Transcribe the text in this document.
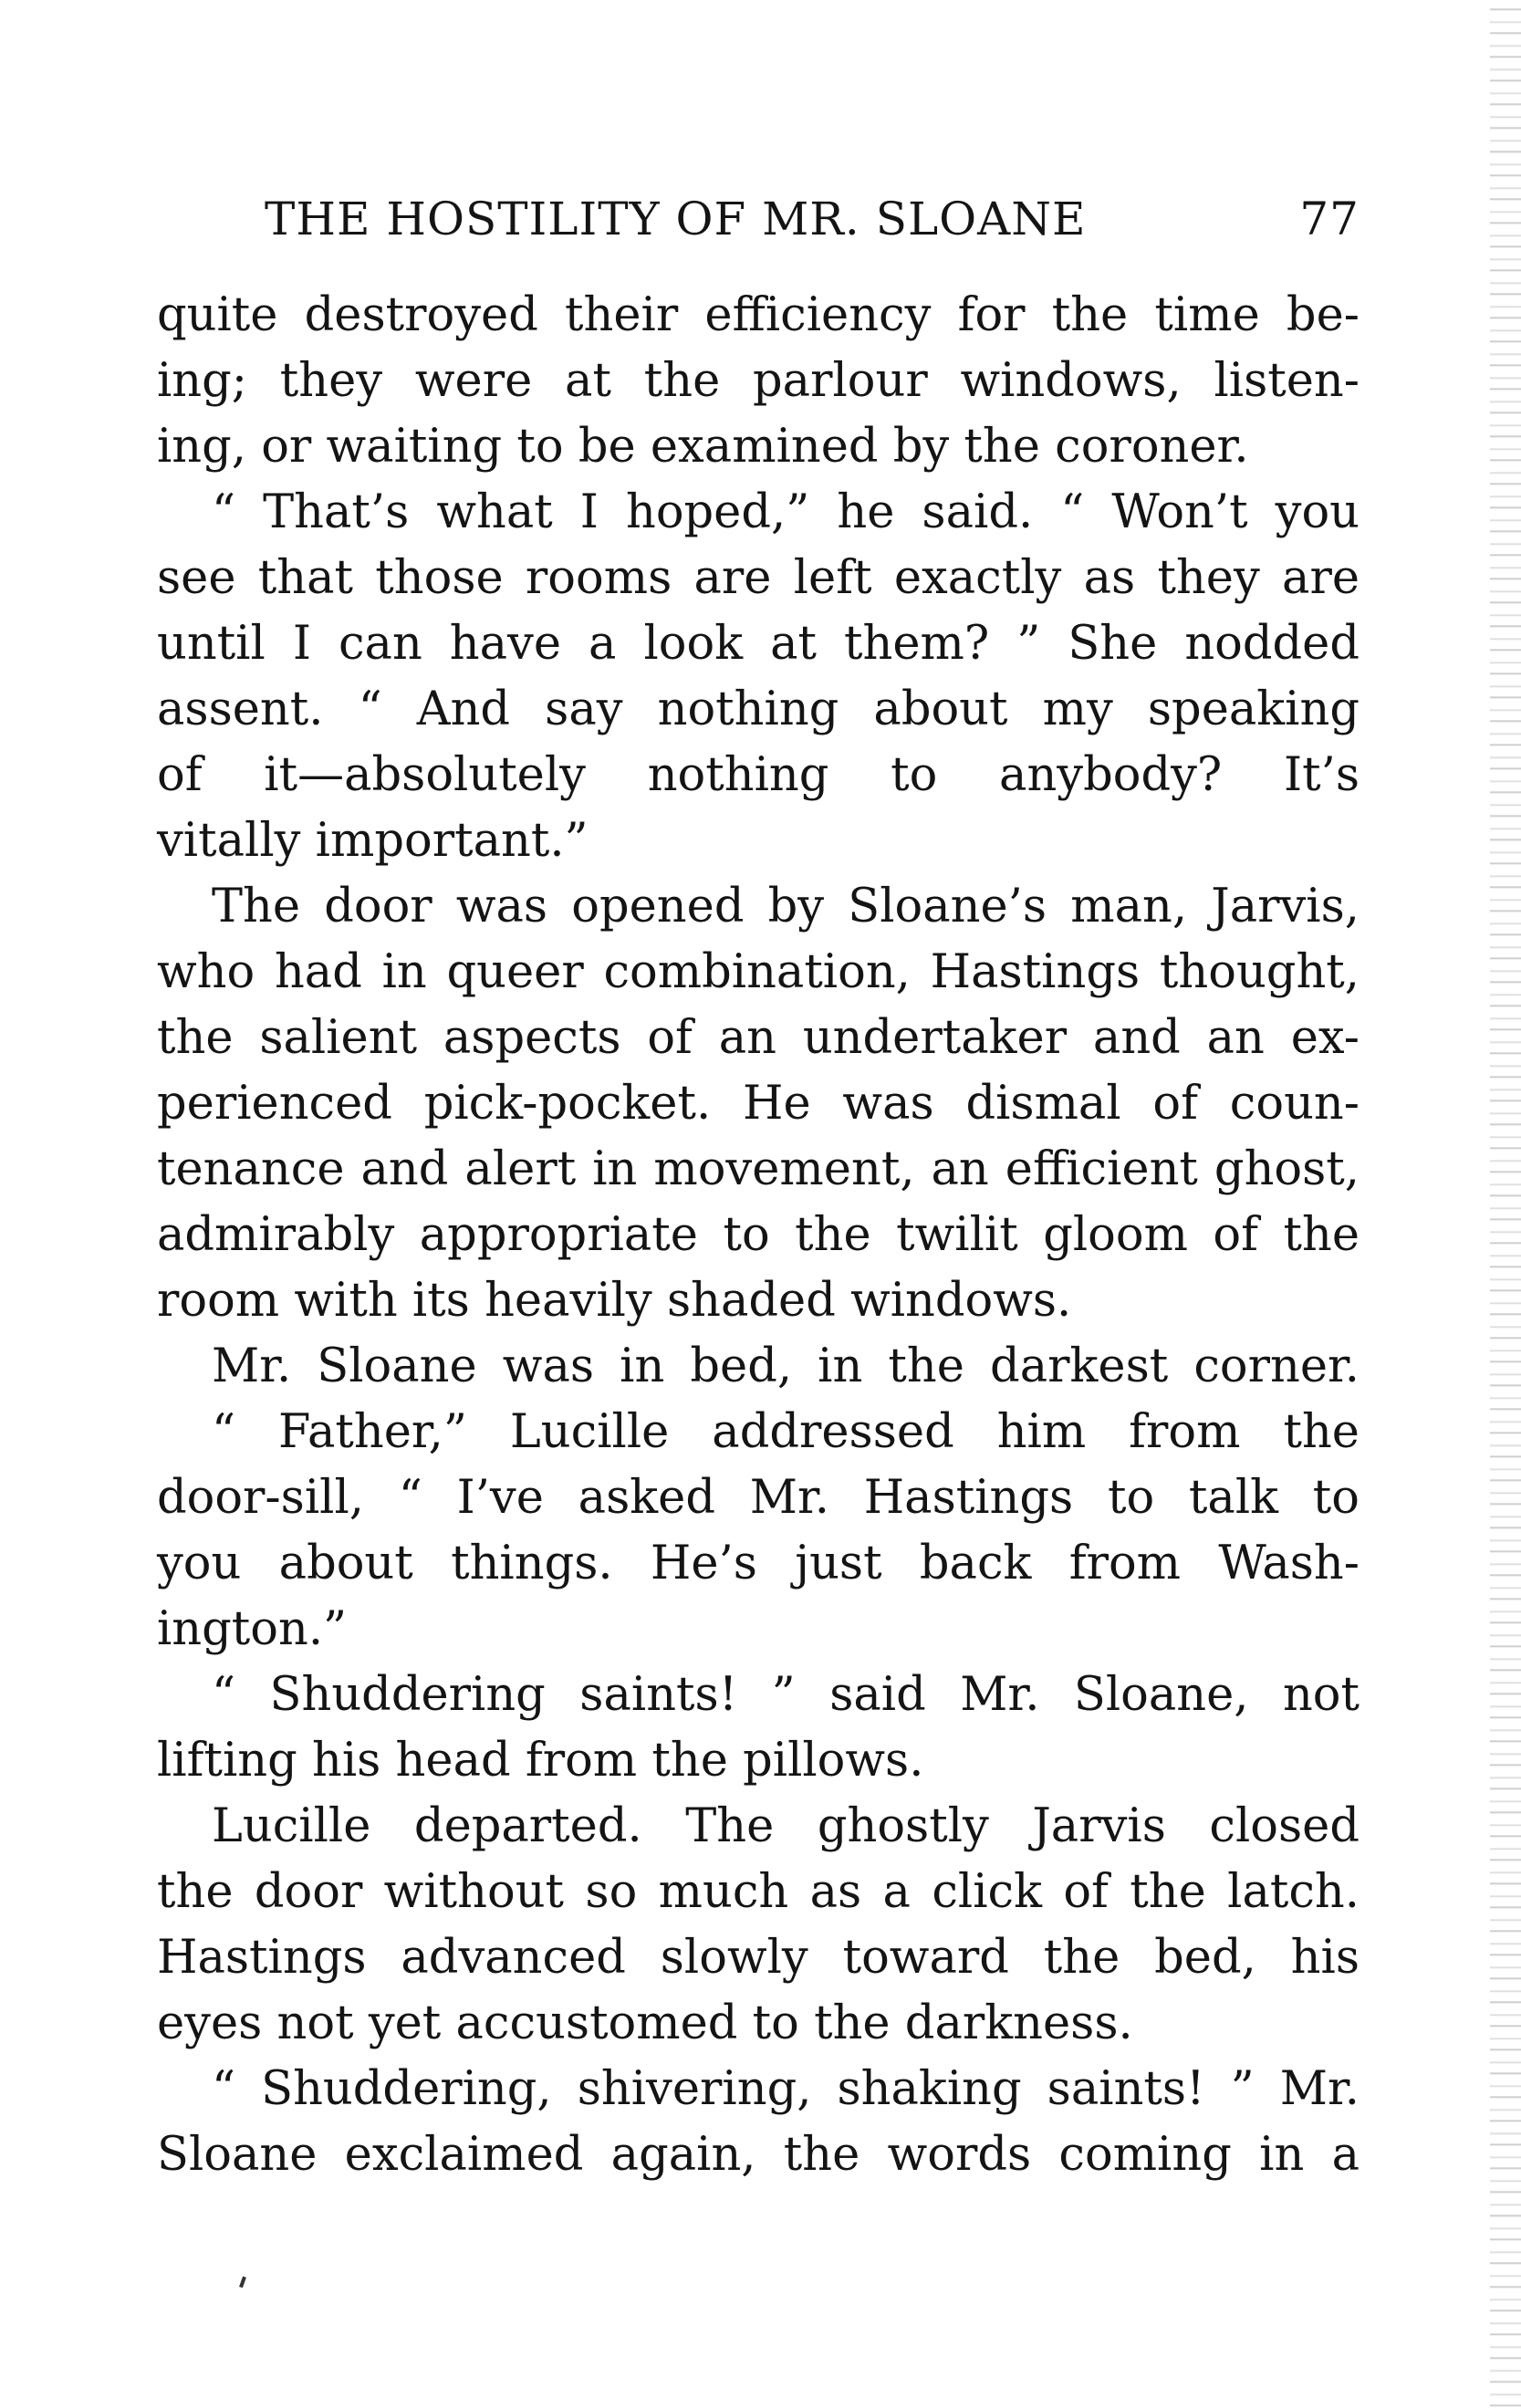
THE HOSTILITY OF MR. SLOANE	77
quite destroyed their efficiency for the time be-
ing; they were at the parlour windows, listen-
ing, or waiting to be examined by the coroner.
“ That’s what I hoped,” he said. “ Won’t you
see that those rooms are left exactly as they are
until I can have a look at them? ” She nodded
assent. “ And say nothing about my speaking
of it—absolutely nothing to anybody? It’s
vitally important.”
The door was opened by Sloane’s man, Jarvis,
who had in queer combination, Hastings thought,
the salient aspects of an undertaker and an ex-
perienced pick-pocket. He was dismal of coun-
tenance and alert in movement, an efficient ghost,
admirably appropriate to the twilit gloom of the
room with its heavily shaded windows.
Mr. Sloane was in bed, in the darkest corner.
“ Father,” Lucille addressed him from the
door-sill, “ I’ve asked Mr. Hastings to talk to
you about things. He’s just back from Wash-
ington.”
“ Shuddering saints! ” said Mr. Sloane, not
lifting his head from the pillows.
Lucille departed. The ghostly Jarvis closed
the door without so much as a click of the latch.
Hastings advanced slowly toward the bed, his
eyes not yet accustomed to the darkness.
“ Shuddering, shivering, shaking saints! ” Mr.
Sloane exclaimed again, the words coming in a
